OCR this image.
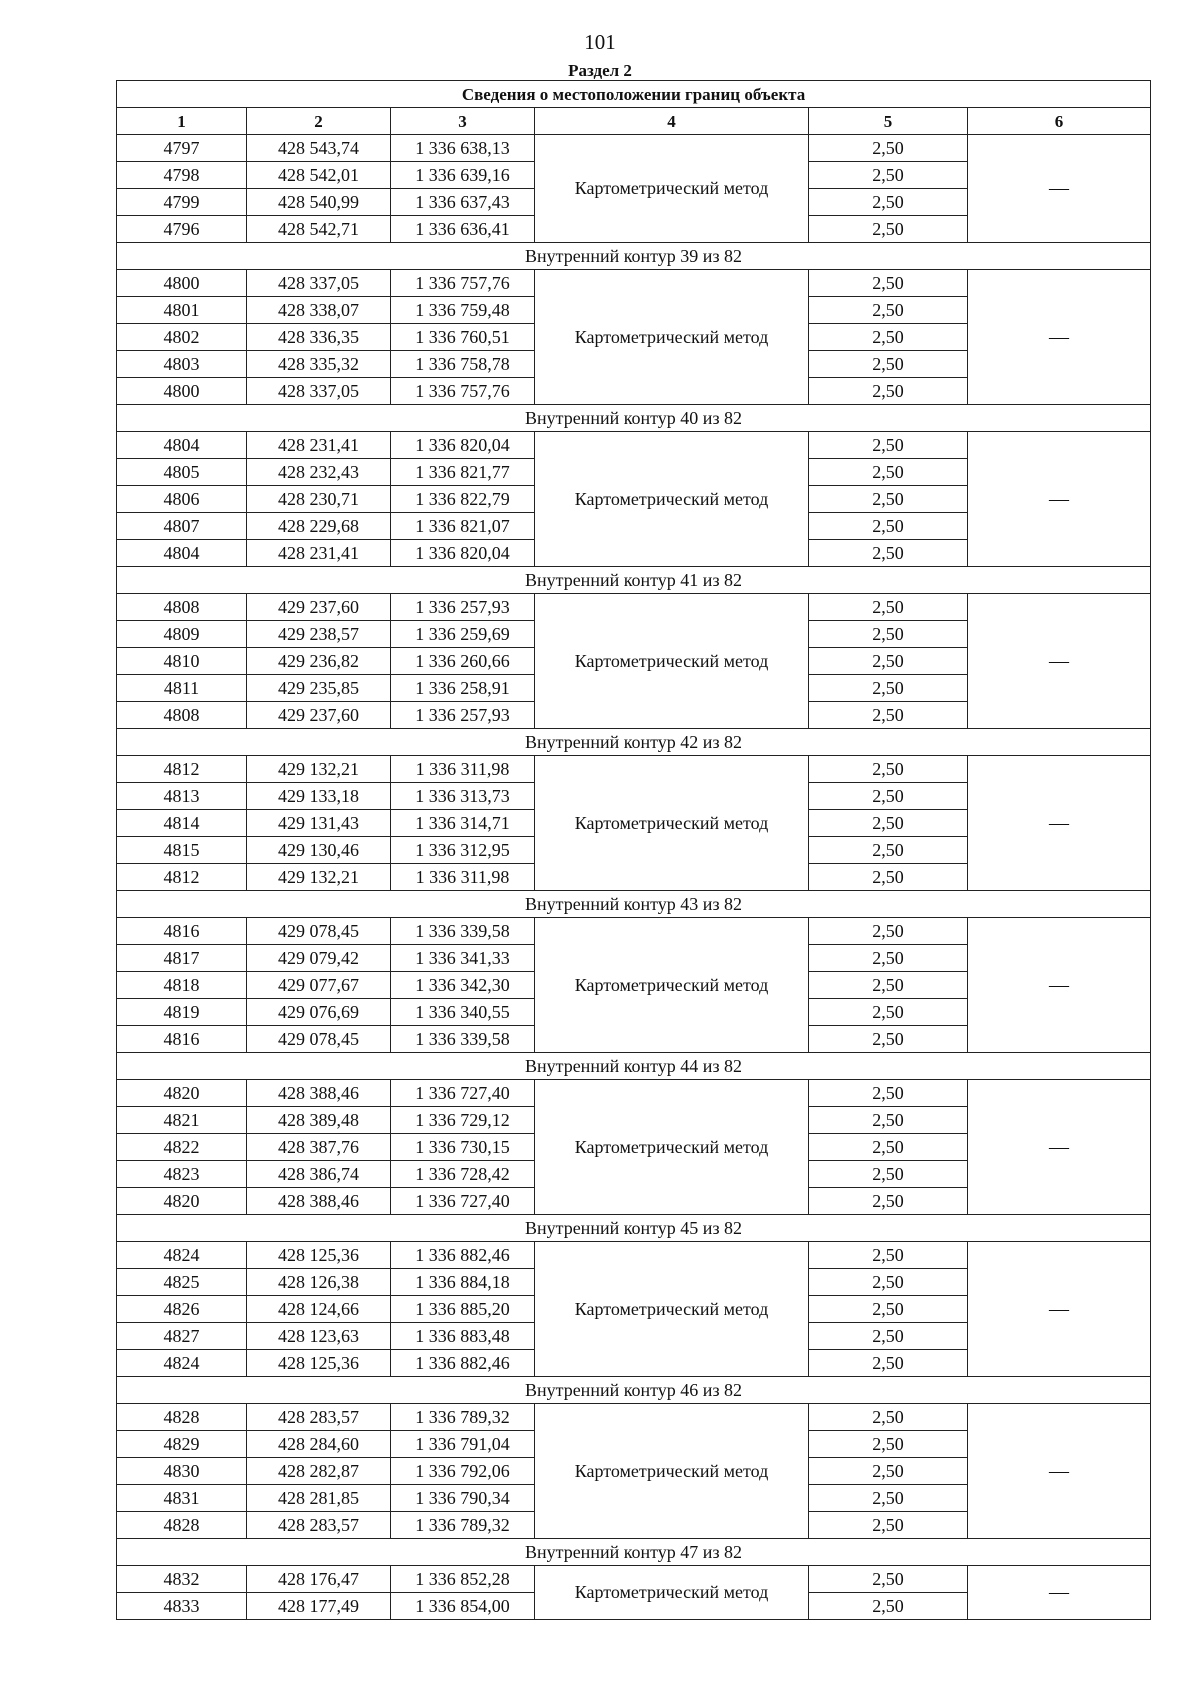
101
Раздел 2
Сведения о местоположении границ объекта					
1	2	3	4	5	6
4797	428 543,74	1 336 638,13	Картометрический метод	2,50	—
4798	428 542,01	1 336 639,16		2,50	
4799	428 540,99	1 336 637,43		2,50	
4796	428 542,71	1 336 636,41		2,50	
Внутренний контур 39 из 82					
4800	428 337,05	1 336 757,76	Картометрический метод	2,50	—
4801	428 338,07	1 336 759,48		2,50	
4802	428 336,35	1 336 760,51		2,50	
4803	428 335,32	1 336 758,78		2,50	
4800	428 337,05	1 336 757,76		2,50	
Внутренний контур 40 из 82					
4804	428 231,41	1 336 820,04	Картометрический метод	2,50	—
4805	428 232,43	1 336 821,77		2,50	
4806	428 230,71	1 336 822,79		2,50	
4807	428 229,68	1 336 821,07		2,50	
4804	428 231,41	1 336 820,04		2,50	
Внутренний контур 41 из 82					
4808	429 237,60	1 336 257,93	Картометрический метод	2,50	—
4809	429 238,57	1 336 259,69		2,50	
4810	429 236,82	1 336 260,66		2,50	
4811	429 235,85	1 336 258,91		2,50	
4808	429 237,60	1 336 257,93		2,50	
Внутренний контур 42 из 82					
4812	429 132,21	1 336 311,98	Картометрический метод	2,50	—
4813	429 133,18	1 336 313,73		2,50	
4814	429 131,43	1 336 314,71		2,50	
4815	429 130,46	1 336 312,95		2,50	
4812	429 132,21	1 336 311,98		2,50	
Внутренний контур 43 из 82					
4816	429 078,45	1 336 339,58	Картометрический метод	2,50	—
4817	429 079,42	1 336 341,33		2,50	
4818	429 077,67	1 336 342,30		2,50	
4819	429 076,69	1 336 340,55		2,50	
4816	429 078,45	1 336 339,58		2,50	
Внутренний контур 44 из 82					
4820	428 388,46	1 336 727,40	Картометрический метод	2,50	—
4821	428 389,48	1 336 729,12		2,50	
4822	428 387,76	1 336 730,15		2,50	
4823	428 386,74	1 336 728,42		2,50	
4820	428 388,46	1 336 727,40		2,50	
Внутренний контур 45 из 82					
4824	428 125,36	1 336 882,46	Картометрический метод	2,50	—
4825	428 126,38	1 336 884,18		2,50	
4826	428 124,66	1 336 885,20		2,50	
4827	428 123,63	1 336 883,48		2,50	
4824	428 125,36	1 336 882,46		2,50	
Внутренний контур 46 из 82					
4828	428 283,57	1 336 789,32	Картометрический метод	2,50	—
4829	428 284,60	1 336 791,04		2,50	
4830	428 282,87	1 336 792,06		2,50	
4831	428 281,85	1 336 790,34		2,50	
4828	428 283,57	1 336 789,32		2,50	
Внутренний контур 47 из 82					
4832	428 176,47	1 336 852,28	Картометрический метод	2,50	—
4833	428 177,49	1 336 854,00		2,50	
